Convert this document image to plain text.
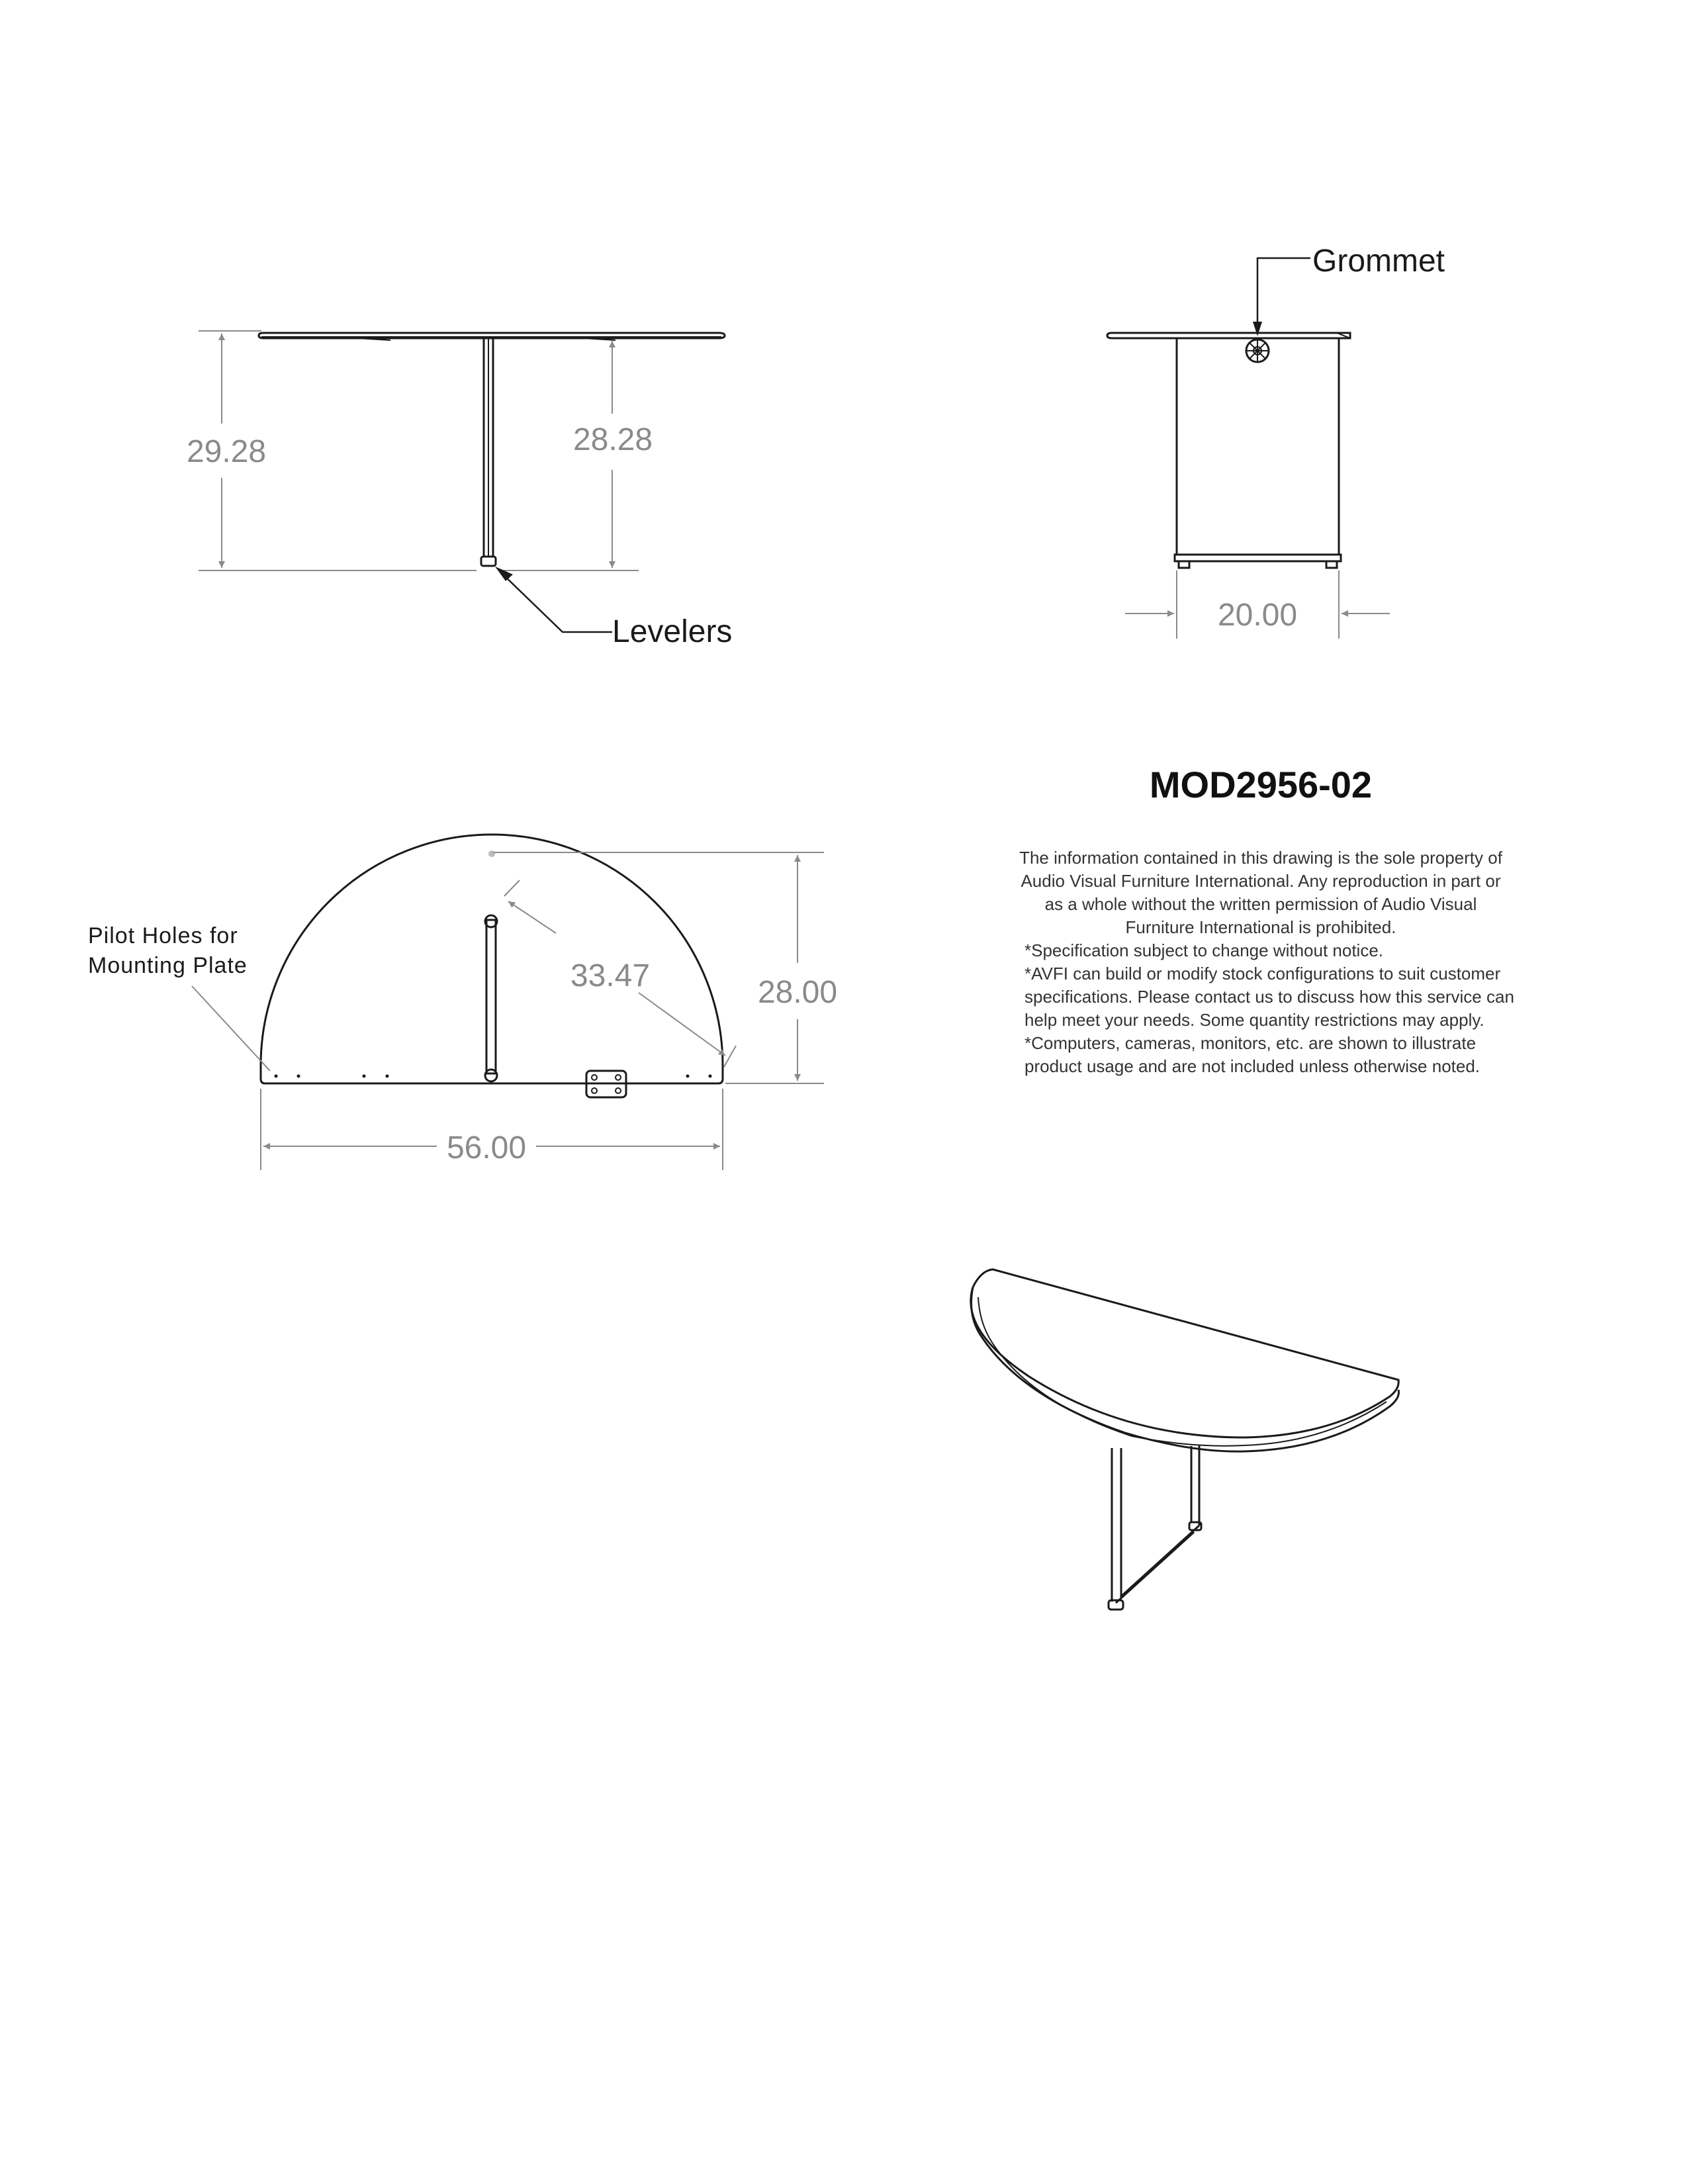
29.28	28.28
Levelers
Grommet
20.00
MOD2956-02
The information contained in this drawing is the sole property of
Audio Visual Furniture International. Any reproduction in part or
as a whole without the written permission of Audio Visual
Furniture International is prohibited.
*Specification subject to change without notice.
*AVFI can build or modify stock configurations to suit customer
specifications. Please contact us to discuss how this service can
help meet your needs. Some quantity restrictions may apply.
*Computers, cameras, monitors, etc. are shown to illustrate
product usage and are not included unless otherwise noted.
Pilot Holes for
Mounting Plate	33.47	28.00
56.00
